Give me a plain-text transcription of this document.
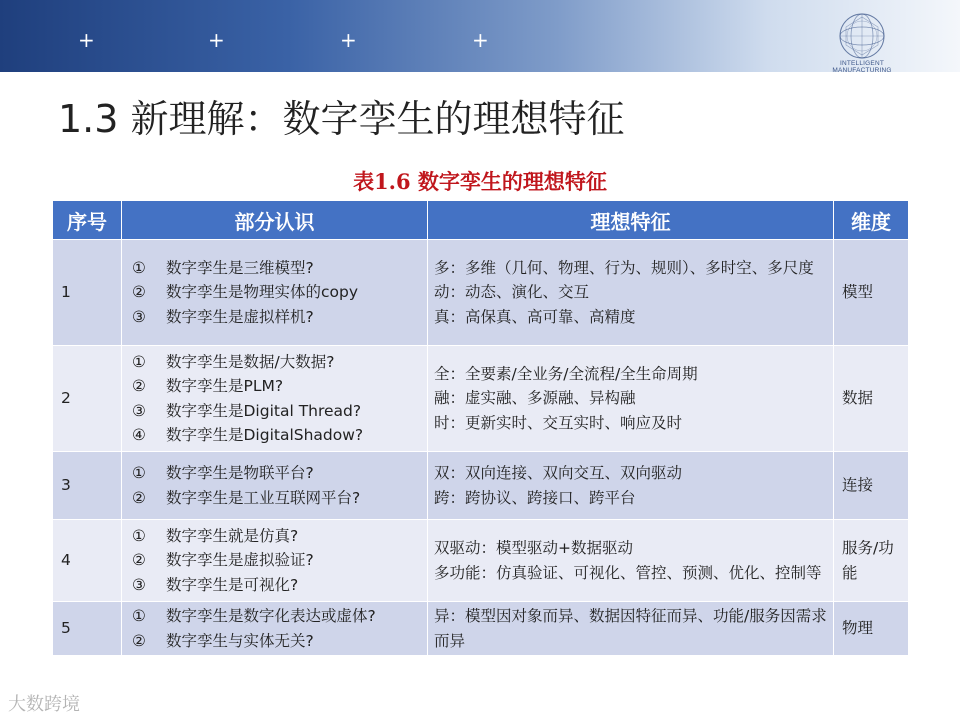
+	+	+	+
INTELLIGENT MANUFACTURING
1.3 新理解：数字孪生的理想特征
表1.6 数字孪生的理想特征
序号	部分认识	理想特征	维度
1	① 数字孪生是三维模型?
② 数字孪生是物理实体的copy
③ 数字孪生是虚拟样机?	多：多维（几何、物理、行为、规则）、多时空、多尺度
动：动态、演化、交互
真：高保真、高可靠、高精度	模型
2	① 数字孪生是数据/大数据?
② 数字孪生是PLM?
③ 数字孪生是Digital Thread?
④ 数字孪生是DigitalShadow?	全：全要素/全业务/全流程/全生命周期
融：虚实融、多源融、异构融
时：更新实时、交互实时、响应及时	数据
3	① 数字孪生是物联平台?
② 数字孪生是工业互联网平台?	双：双向连接、双向交互、双向驱动
跨：跨协议、跨接口、跨平台	连接
4	① 数字孪生就是仿真?
② 数字孪生是虚拟验证?
③ 数字孪生是可视化?	双驱动：模型驱动+数据驱动
多功能：仿真验证、可视化、管控、预测、优化、控制等	服务/功能
5	① 数字孪生是数字化表达或虚体?
② 数字孪生与实体无关?	异：模型因对象而异、数据因特征而异、功能/服务因需求而异	物理
大数跨境
